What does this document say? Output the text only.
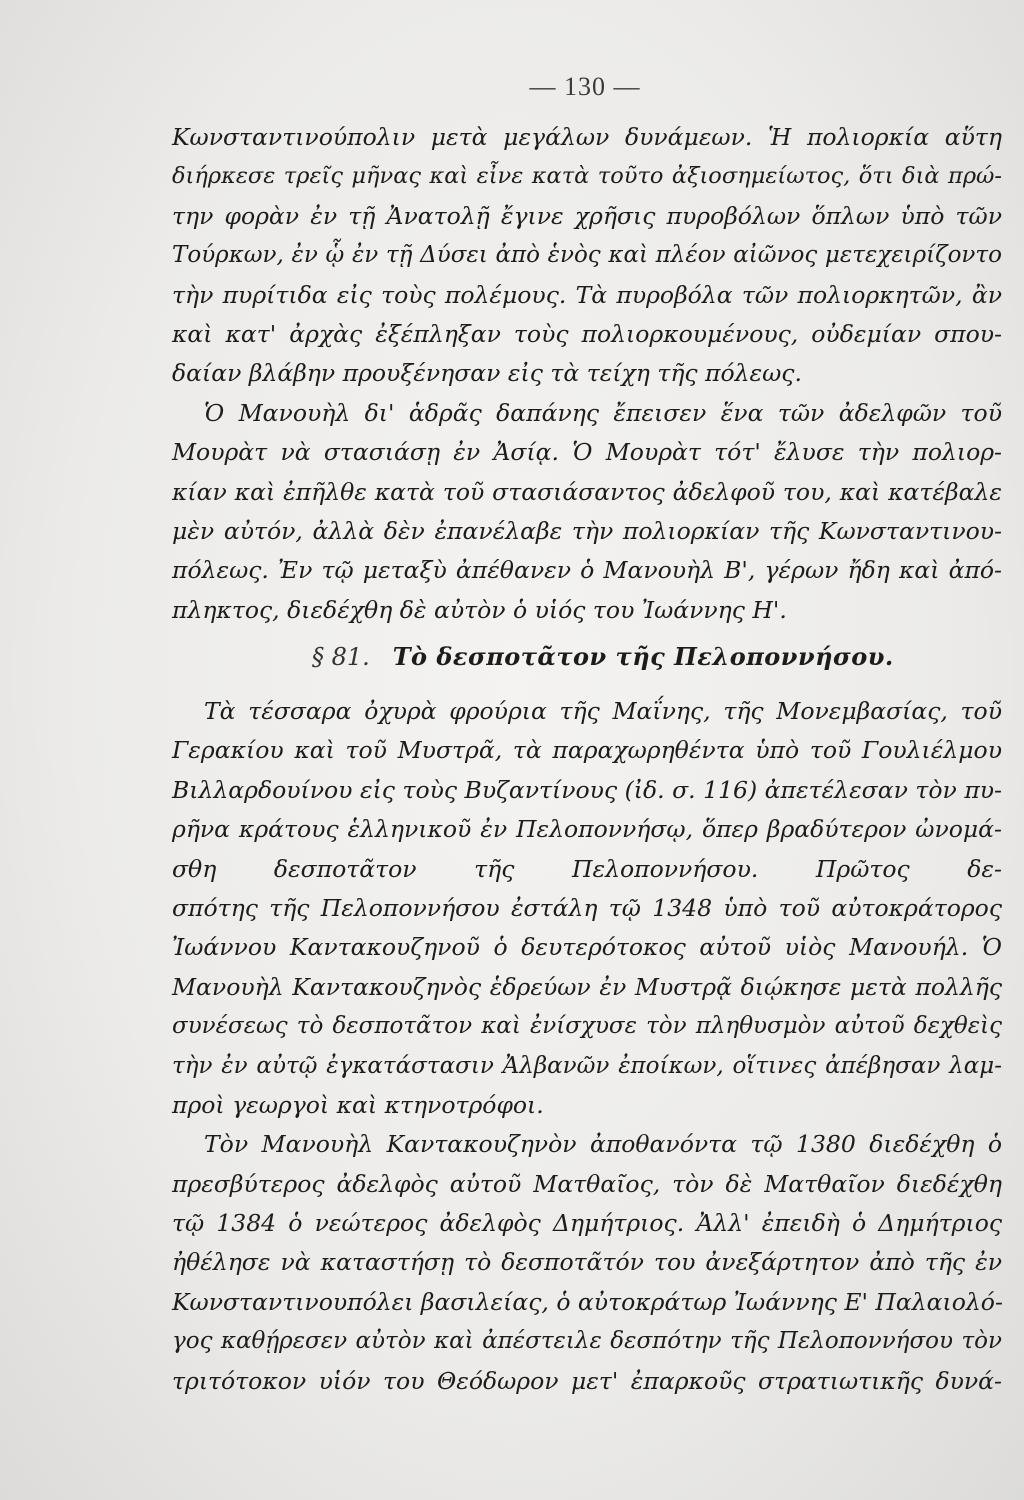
— 130 —
Κωνσταντινούπολιν μετὰ μεγάλων δυνάμεων. Ἡ πολιορκία αὕτη
διήρκεσε τρεῖς μῆνας καὶ εἶνε κατὰ τοῦτο ἀξιοσημείωτος, ὅτι διὰ πρώ-
την φορὰν ἐν τῇ Ἀνατολῇ ἔγινε χρῆσις πυροβόλων ὅπλων ὑπὸ τῶν
Τούρκων, ἐν ᾧ ἐν τῇ Δύσει ἀπὸ ἑνὸς καὶ πλέον αἰῶνος μετεχειρίζοντο
τὴν πυρίτιδα εἰς τοὺς πολέμους. Τὰ πυροβόλα τῶν πολιορκητῶν, ἂν
καὶ κατ' ἀρχὰς ἐξέπληξαν τοὺς πολιορκουμένους, οὐδεμίαν σπου-
δαίαν βλάβην προυξένησαν εἰς τὰ τείχη τῆς πόλεως.
Ὁ Μανουὴλ δι' ἁδρᾶς δαπάνης ἔπεισεν ἕνα τῶν ἀδελφῶν τοῦ
Μουρὰτ νὰ στασιάσῃ ἐν Ἀσίᾳ. Ὁ Μουρὰτ τότ' ἔλυσε τὴν πολιορ-
κίαν καὶ ἐπῆλθε κατὰ τοῦ στασιάσαντος ἀδελφοῦ του, καὶ κατέβαλε
μὲν αὐτόν, ἀλλὰ δὲν ἐπανέλαβε τὴν πολιορκίαν τῆς Κωνσταντινου-
πόλεως. Ἐν τῷ μεταξὺ ἀπέθανεν ὁ Μανουὴλ Β', γέρων ἤδη καὶ ἀπό-
πληκτος, διεδέχθη δὲ αὐτὸν ὁ υἱός του Ἰωάννης Η'.
§ 81. Τὸ δεσποτᾶτον τῆς Πελοποννήσου.
Τὰ τέσσαρα ὀχυρὰ φρούρια τῆς Μαΐνης, τῆς Μονεμβασίας, τοῦ
Γερακίου καὶ τοῦ Μυστρᾶ, τὰ παραχωρηθέντα ὑπὸ τοῦ Γουλιέλμου
Βιλλαρδουίνου εἰς τοὺς Βυζαντίνους (ἰδ. σ. 116) ἀπετέλεσαν τὸν πυ-
ρῆνα κράτους ἑλληνικοῦ ἐν Πελοποννήσῳ, ὅπερ βραδύτερον ὠνομά-
σθη δεσποτᾶτον τῆς Πελοποννήσου. Πρῶτος δε-
σπότης τῆς Πελοποννήσου ἐστάλη τῷ 1348 ὑπὸ τοῦ αὐτοκράτορος
Ἰωάννου Καντακουζηνοῦ ὁ δευτερότοκος αὐτοῦ υἱὸς Μανουήλ. Ὁ
Μανουὴλ Καντακουζηνὸς ἑδρεύων ἐν Μυστρᾷ διῴκησε μετὰ πολλῆς
συνέσεως τὸ δεσποτᾶτον καὶ ἐνίσχυσε τὸν πληθυσμὸν αὐτοῦ δεχθεὶς
τὴν ἐν αὐτῷ ἐγκατάστασιν Ἀλβανῶν ἐποίκων, οἵτινες ἀπέβησαν λαμ-
προὶ γεωργοὶ καὶ κτηνοτρόφοι.
Τὸν Μανουὴλ Καντακουζηνὸν ἀποθανόντα τῷ 1380 διεδέχθη ὁ
πρεσβύτερος ἀδελφὸς αὐτοῦ Ματθαῖος, τὸν δὲ Ματθαῖον διεδέχθη
τῷ 1384 ὁ νεώτερος ἀδελφὸς Δημήτριος. Ἀλλ' ἐπειδὴ ὁ Δημήτριος
ἠθέλησε νὰ καταστήσῃ τὸ δεσποτᾶτόν του ἀνεξάρτητον ἀπὸ τῆς ἐν
Κωνσταντινουπόλει βασιλείας, ὁ αὐτοκράτωρ Ἰωάννης Ε' Παλαιολό-
γος καθῄρεσεν αὐτὸν καὶ ἀπέστειλε δεσπότην τῆς Πελοποννήσου τὸν
τριτότοκον υἱόν του Θεόδωρον μετ' ἐπαρκοῦς στρατιωτικῆς δυνά-
